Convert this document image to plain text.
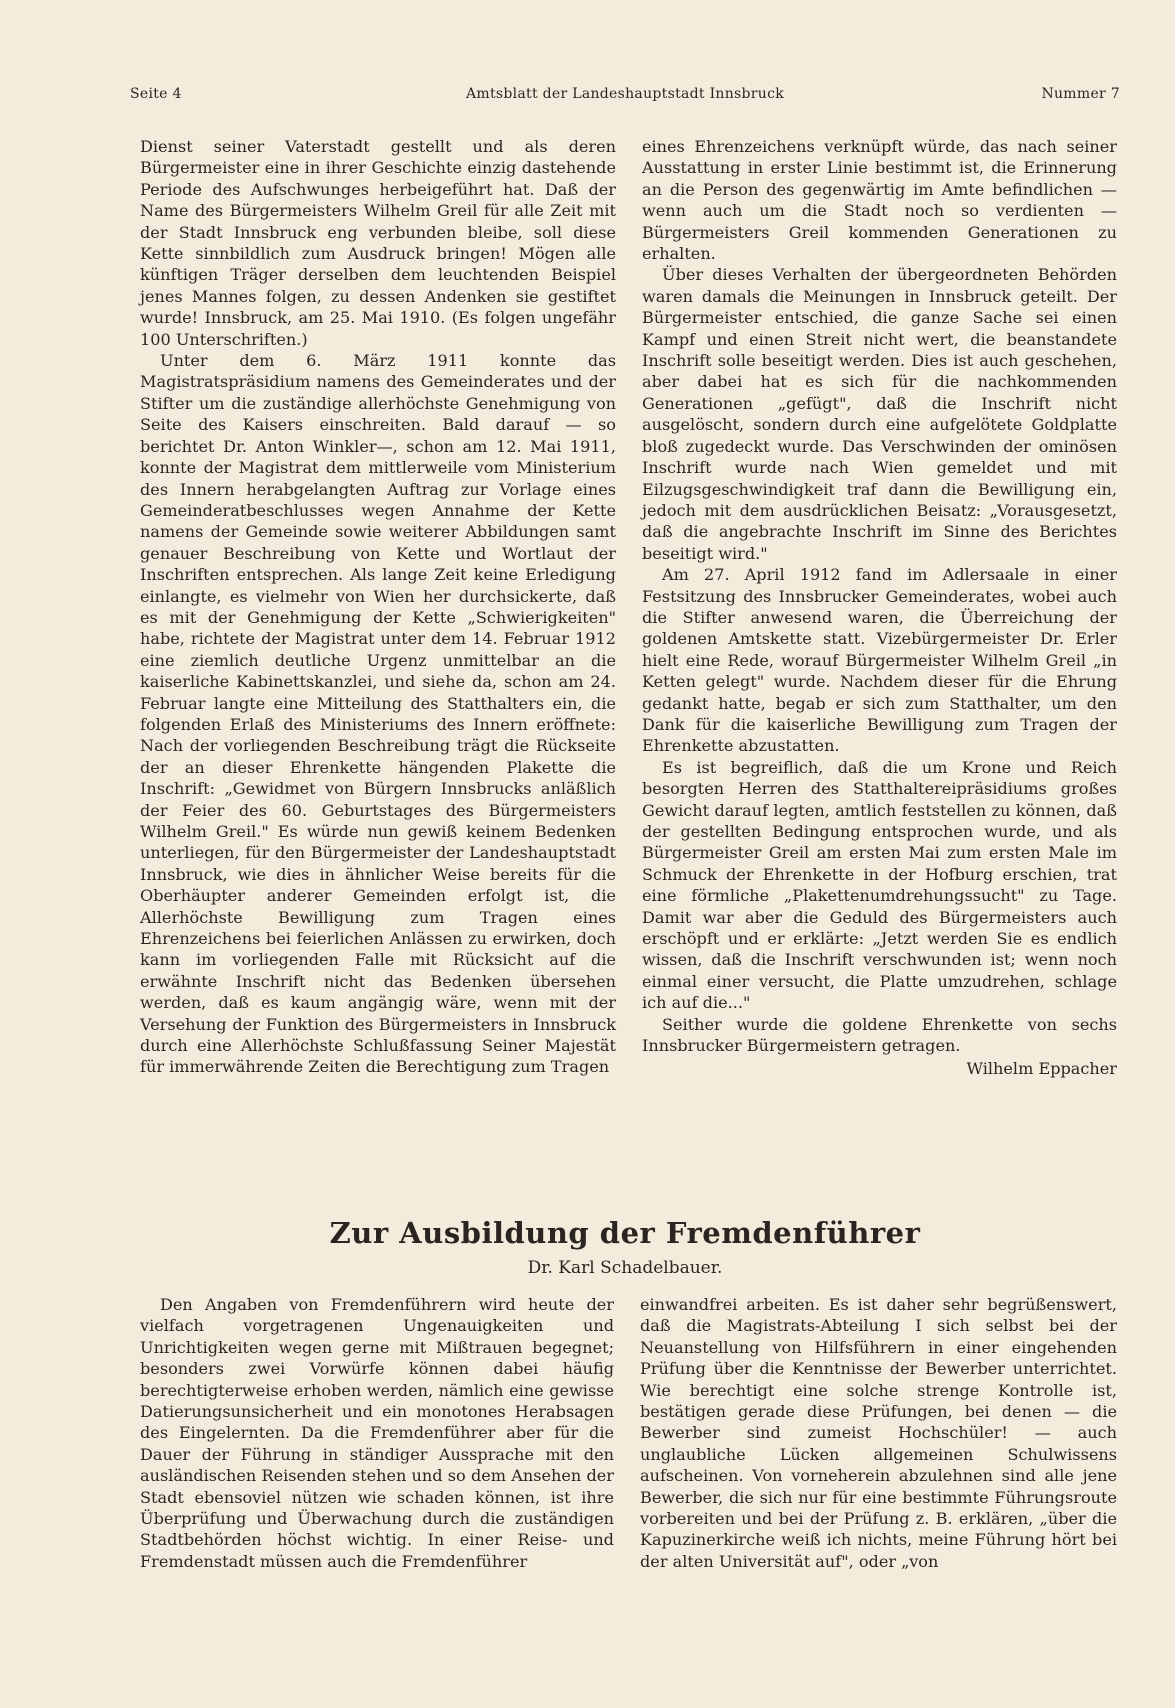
Seite 4	Amtsblatt der Landeshauptstadt Innsbruck	Nummer 7

Dienst seiner Vaterstadt gestellt und als deren Bürgermeister eine in ihrer Geschichte einzig dastehende Periode des Aufschwunges herbeigeführt hat. Daß der Name des Bürgermeisters Wilhelm Greil für alle Zeit mit der Stadt Innsbruck eng verbunden bleibe, soll diese Kette sinnbildlich zum Ausdruck bringen! Mögen alle künftigen Träger derselben dem leuchtenden Beispiel jenes Mannes folgen, zu dessen Andenken sie gestiftet wurde! Innsbruck, am 25. Mai 1910. (Es folgen ungefähr 100 Unterschriften.)

Unter dem 6. März 1911 konnte das Magistratspräsidium namens des Gemeinderates und der Stifter um die zuständige allerhöchste Genehmigung von Seite des Kaisers einschreiten. Bald darauf — so berichtet Dr. Anton Winkler—, schon am 12. Mai 1911, konnte der Magistrat dem mittlerweile vom Ministerium des Innern herabgelangten Auftrag zur Vorlage eines Gemeinderatbeschlusses wegen Annahme der Kette namens der Gemeinde sowie weiterer Abbildungen samt genauer Beschreibung von Kette und Wortlaut der Inschriften entsprechen. Als lange Zeit keine Erledigung einlangte, es vielmehr von Wien her durchsickerte, daß es mit der Genehmigung der Kette „Schwierigkeiten" habe, richtete der Magistrat unter dem 14. Februar 1912 eine ziemlich deutliche Urgenz unmittelbar an die kaiserliche Kabinettskanzlei, und siehe da, schon am 24. Februar langte eine Mitteilung des Statthalters ein, die folgenden Erlaß des Ministeriums des Innern eröffnete: Nach der vorliegenden Beschreibung trägt die Rückseite der an dieser Ehrenkette hängenden Plakette die Inschrift: „Gewidmet von Bürgern Innsbrucks anläßlich der Feier des 60. Geburtstages des Bürgermeisters Wilhelm Greil." Es würde nun gewiß keinem Bedenken unterliegen, für den Bürgermeister der Landeshauptstadt Innsbruck, wie dies in ähnlicher Weise bereits für die Oberhäupter anderer Gemeinden erfolgt ist, die Allerhöchste Bewilligung zum Tragen eines Ehrenzeichens bei feierlichen Anlässen zu erwirken, doch kann im vorliegenden Falle mit Rücksicht auf die erwähnte Inschrift nicht das Bedenken übersehen werden, daß es kaum angängig wäre, wenn mit der Versehung der Funktion des Bürgermeisters in Innsbruck durch eine Allerhöchste Schlußfassung Seiner Majestät für immerwährende Zeiten die Berechtigung zum Tragen

eines Ehrenzeichens verknüpft würde, das nach seiner Ausstattung in erster Linie bestimmt ist, die Erinnerung an die Person des gegenwärtig im Amte befindlichen — wenn auch um die Stadt noch so verdienten — Bürgermeisters Greil kommenden Generationen zu erhalten.

Über dieses Verhalten der übergeordneten Behörden waren damals die Meinungen in Innsbruck geteilt. Der Bürgermeister entschied, die ganze Sache sei einen Kampf und einen Streit nicht wert, die beanstandete Inschrift solle beseitigt werden. Dies ist auch geschehen, aber dabei hat es sich für die nachkommenden Generationen „gefügt", daß die Inschrift nicht ausgelöscht, sondern durch eine aufgelötete Goldplatte bloß zugedeckt wurde. Das Verschwinden der ominösen Inschrift wurde nach Wien gemeldet und mit Eilzugsgeschwindigkeit traf dann die Bewilligung ein, jedoch mit dem ausdrücklichen Beisatz: „Vorausgesetzt, daß die angebrachte Inschrift im Sinne des Berichtes beseitigt wird."

Am 27. April 1912 fand im Adlersaale in einer Festsitzung des Innsbrucker Gemeinderates, wobei auch die Stifter anwesend waren, die Überreichung der goldenen Amtskette statt. Vizebürgermeister Dr. Erler hielt eine Rede, worauf Bürgermeister Wilhelm Greil „in Ketten gelegt" wurde. Nachdem dieser für die Ehrung gedankt hatte, begab er sich zum Statthalter, um den Dank für die kaiserliche Bewilligung zum Tragen der Ehrenkette abzustatten.

Es ist begreiflich, daß die um Krone und Reich besorgten Herren des Statthaltereipräsidiums großes Gewicht darauf legten, amtlich feststellen zu können, daß der gestellten Bedingung entsprochen wurde, und als Bürgermeister Greil am ersten Mai zum ersten Male im Schmuck der Ehrenkette in der Hofburg erschien, trat eine förmliche „Plakettenumdrehungssucht" zu Tage. Damit war aber die Geduld des Bürgermeisters auch erschöpft und er erklärte: „Jetzt werden Sie es endlich wissen, daß die Inschrift verschwunden ist; wenn noch einmal einer versucht, die Platte umzudrehen, schlage ich auf die..."

Seither wurde die goldene Ehrenkette von sechs Innsbrucker Bürgermeistern getragen.

Wilhelm Eppacher
Zur Ausbildung der Fremdenführer
Dr. Karl Schadelbauer.

Den Angaben von Fremdenführern wird heute der vielfach vorgetragenen Ungenauigkeiten und Unrichtigkeiten wegen gerne mit Mißtrauen begegnet; besonders zwei Vorwürfe können dabei häufig berechtigterweise erhoben werden, nämlich eine gewisse Datierungsunsicherheit und ein monotones Herabsagen des Eingelernten. Da die Fremdenführer aber für die Dauer der Führung in ständiger Aussprache mit den ausländischen Reisenden stehen und so dem Ansehen der Stadt ebensoviel nützen wie schaden können, ist ihre Überprüfung und Überwachung durch die zuständigen Stadtbehörden höchst wichtig. In einer Reise- und Fremdenstadt müssen auch die Fremdenführer

einwandfrei arbeiten. Es ist daher sehr begrüßenswert, daß die Magistrats-Abteilung I sich selbst bei der Neuanstellung von Hilfsführern in einer eingehenden Prüfung über die Kenntnisse der Bewerber unterrichtet. Wie berechtigt eine solche strenge Kontrolle ist, bestätigen gerade diese Prüfungen, bei denen — die Bewerber sind zumeist Hochschüler! — auch unglaubliche Lücken allgemeinen Schulwissens aufscheinen. Von vorneherein abzulehnen sind alle jene Bewerber, die sich nur für eine bestimmte Führungsroute vorbereiten und bei der Prüfung z. B. erklären, „über die Kapuzinerkirche weiß ich nichts, meine Führung hört bei der alten Universität auf", oder „von
